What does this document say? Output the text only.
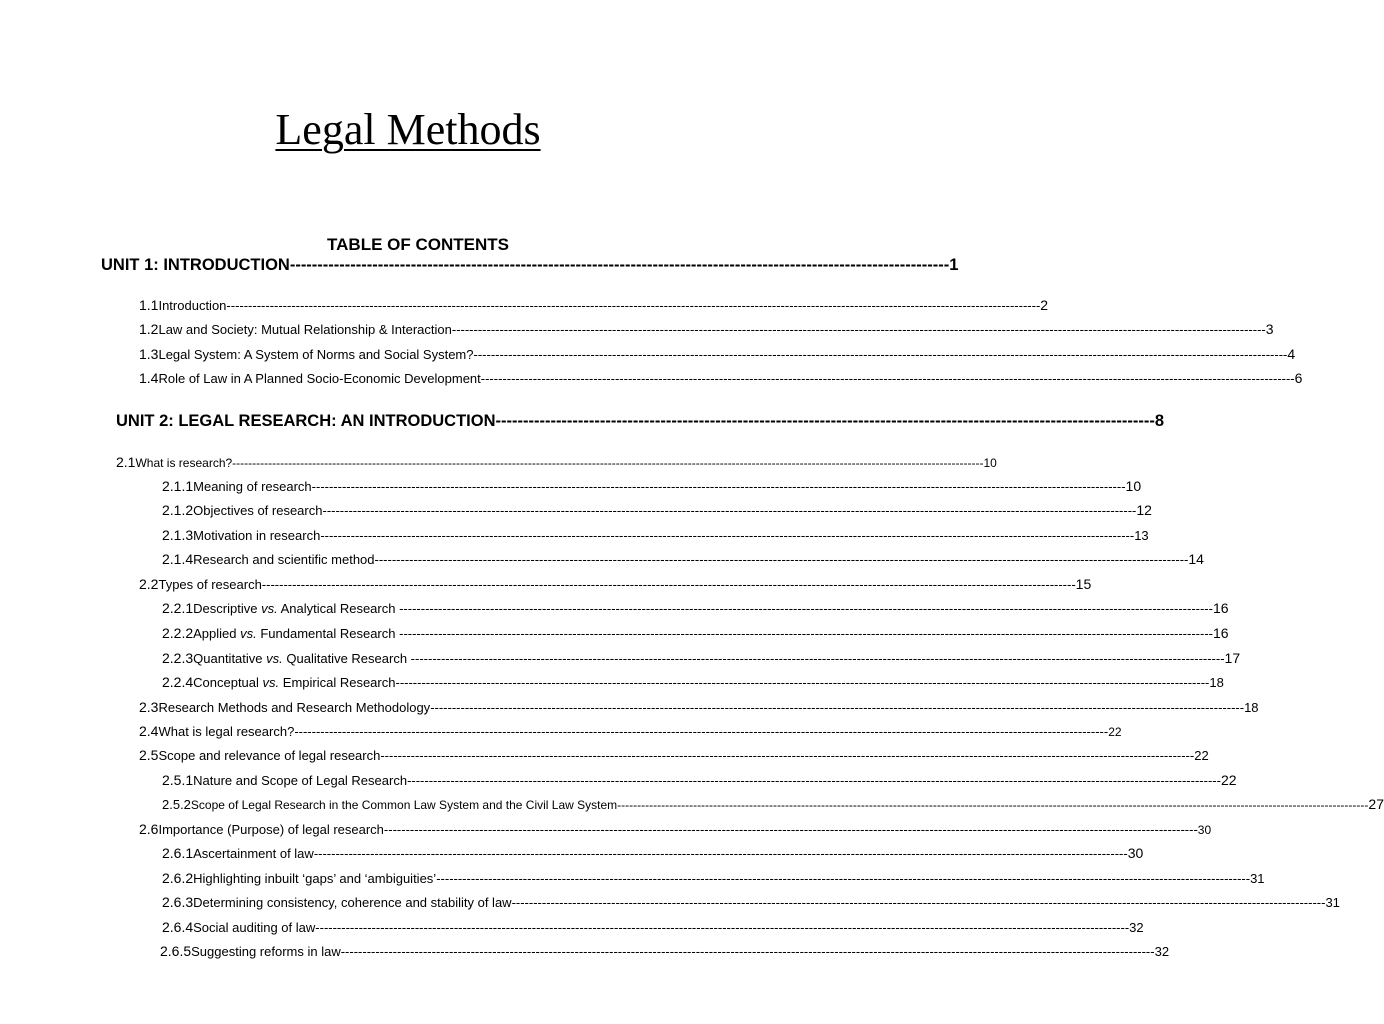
Legal Methods
TABLE OF CONTENTS
UNIT 1: INTRODUCTION ------------------------------------------------------------------------------------------------------------------------ 1
1.1 Introduction -------------------------------------------------------------------------------------------------------------------------------------------------------------------------------------------- 2
1.2 Law and Society: Mutual Relationship & Interaction -------------------------------------------------------------------------------------------------------------------------------------------------------------------------------------------- 3
1.3 Legal System: A System of Norms and Social System? -------------------------------------------------------------------------------------------------------------------------------------------------------------------------------------------- 4
1.4 Role of Law in A Planned Socio-Economic Development -------------------------------------------------------------------------------------------------------------------------------------------------------------------------------------------- 6
UNIT 2: LEGAL RESEARCH: AN INTRODUCTION ------------------------------------------------------------------------------------------------------------------------ 8
2.1 What is research? -------------------------------------------------------------------------------------------------------------------------------------------------------------------------------------------- 10
2.1.1 Meaning of research -------------------------------------------------------------------------------------------------------------------------------------------------------------------------------------------- 10
2.1.2 Objectives of research -------------------------------------------------------------------------------------------------------------------------------------------------------------------------------------------- 12
2.1.3 Motivation in research -------------------------------------------------------------------------------------------------------------------------------------------------------------------------------------------- 13
2.1.4 Research and scientific method -------------------------------------------------------------------------------------------------------------------------------------------------------------------------------------------- 14
2.2 Types of research -------------------------------------------------------------------------------------------------------------------------------------------------------------------------------------------- 15
2.2.1 Descriptive vs. Analytical Research -------------------------------------------------------------------------------------------------------------------------------------------------------------------------------------------- 16
2.2.2 Applied vs. Fundamental Research -------------------------------------------------------------------------------------------------------------------------------------------------------------------------------------------- 16
2.2.3 Quantitative vs. Qualitative Research -------------------------------------------------------------------------------------------------------------------------------------------------------------------------------------------- 17
2.2.4 Conceptual vs. Empirical Research -------------------------------------------------------------------------------------------------------------------------------------------------------------------------------------------- 18
2.3 Research Methods and Research Methodology -------------------------------------------------------------------------------------------------------------------------------------------------------------------------------------------- 18
2.4 What is legal research? -------------------------------------------------------------------------------------------------------------------------------------------------------------------------------------------- 22
2.5 Scope and relevance of legal research -------------------------------------------------------------------------------------------------------------------------------------------------------------------------------------------- 22
2.5.1 Nature and Scope of Legal Research -------------------------------------------------------------------------------------------------------------------------------------------------------------------------------------------- 22
2.5.2 Scope of Legal Research in the Common Law System and the Civil Law System -------------------------------------------------------------------------------------------------------------------------------------------------------------------------------------------- 27
2.6 Importance (Purpose) of legal research -------------------------------------------------------------------------------------------------------------------------------------------------------------------------------------------- 30
2.6.1 Ascertainment of law -------------------------------------------------------------------------------------------------------------------------------------------------------------------------------------------- 30
2.6.2 Highlighting inbuilt ‘gaps’ and ‘ambiguities’ -------------------------------------------------------------------------------------------------------------------------------------------------------------------------------------------- 31
2.6.3 Determining consistency, coherence and stability of law -------------------------------------------------------------------------------------------------------------------------------------------------------------------------------------------- 31
2.6.4 Social auditing of law -------------------------------------------------------------------------------------------------------------------------------------------------------------------------------------------- 32
2.6.5 Suggesting reforms in law -------------------------------------------------------------------------------------------------------------------------------------------------------------------------------------------- 32
